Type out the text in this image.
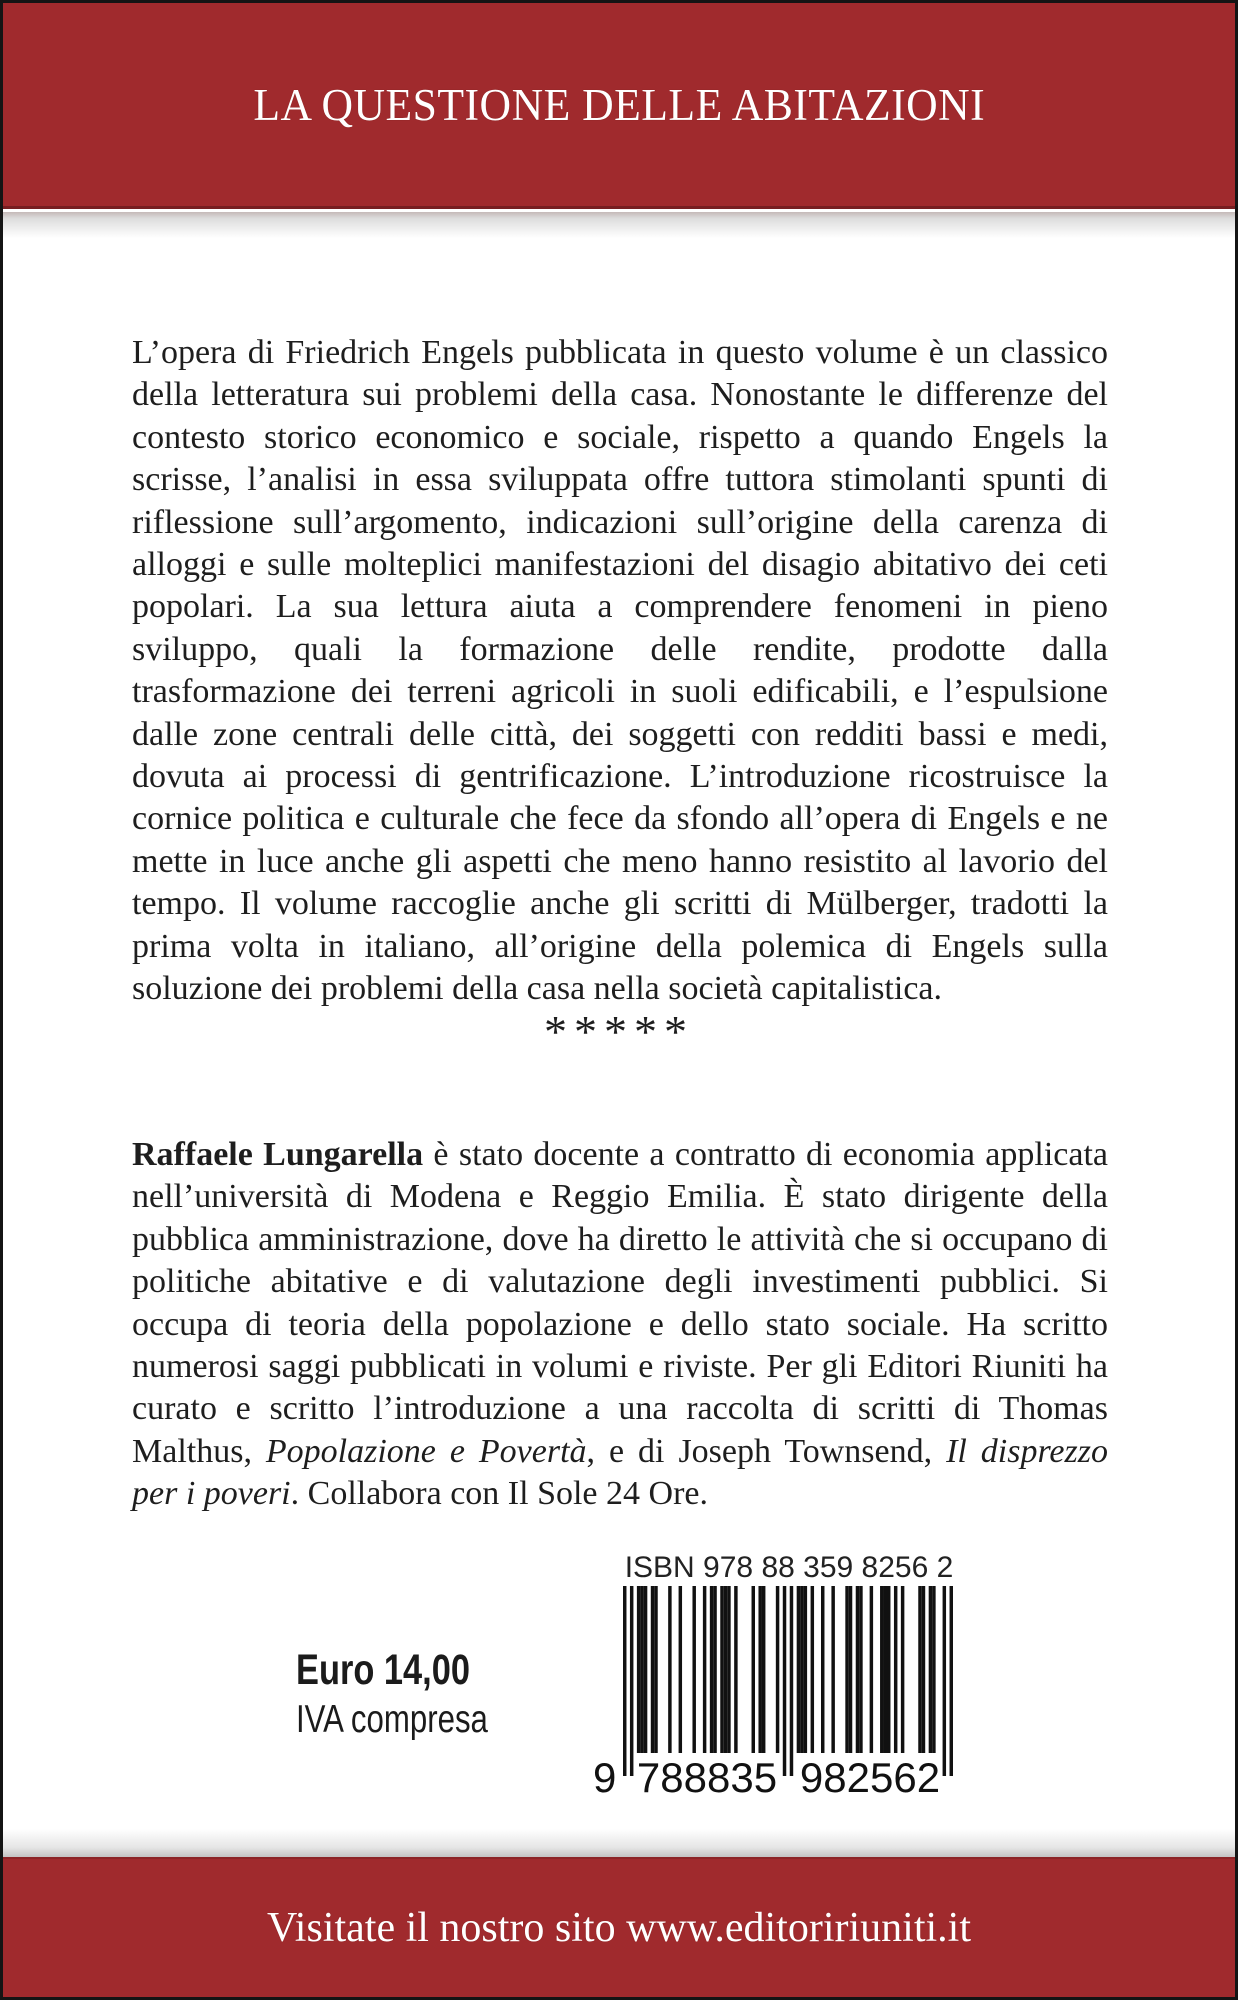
LA QUESTIONE DELLE ABITAZIONI

L’opera di Friedrich Engels pubblicata in questo volume è un classico della letteratura sui problemi della casa. Nonostante le differenze del contesto storico economico e sociale, rispetto a quando Engels la scrisse, l’analisi in essa sviluppata offre tuttora stimolanti spunti di riflessione sull’argomento, indicazioni sull’origine della carenza di alloggi e sulle molteplici manifestazioni del disagio abitativo dei ceti popolari. La sua lettura aiuta a comprendere fenomeni in pieno sviluppo, quali la formazione delle rendite, prodotte dalla trasformazione dei terreni agricoli in suoli edificabili, e l’espulsione dalle zone centrali delle città, dei soggetti con redditi bassi e medi, dovuta ai processi di gentrificazione. L’introduzione ricostruisce la cornice politica e culturale che fece da sfondo all’opera di Engels e ne mette in luce anche gli aspetti che meno hanno resistito al lavorio del tempo. Il volume raccoglie anche gli scritti di Mülberger, tradotti la prima volta in italiano, all’origine della polemica di Engels sulla soluzione dei problemi della casa nella società capitalistica.

*****

Raffaele Lungarella è stato docente a contratto di economia applicata nell’università di Modena e Reggio Emilia. È stato dirigente della pubblica amministrazione, dove ha diretto le attività che si occupano di politiche abitative e di valutazione degli investimenti pubblici. Si occupa di teoria della popolazione e dello stato sociale. Ha scritto numerosi saggi pubblicati in volumi e riviste. Per gli Editori Riuniti ha curato e scritto l’introduzione a una raccolta di scritti di Thomas Malthus, Popolazione e Povertà, e di Joseph Townsend, Il disprezzo per i poveri. Collabora con Il Sole 24 Ore.

Euro 14,00
IVA compresa
ISBN 978 88 359 8256 2
9 788835 982562
Visitate il nostro sito www.editoririuniti.it
